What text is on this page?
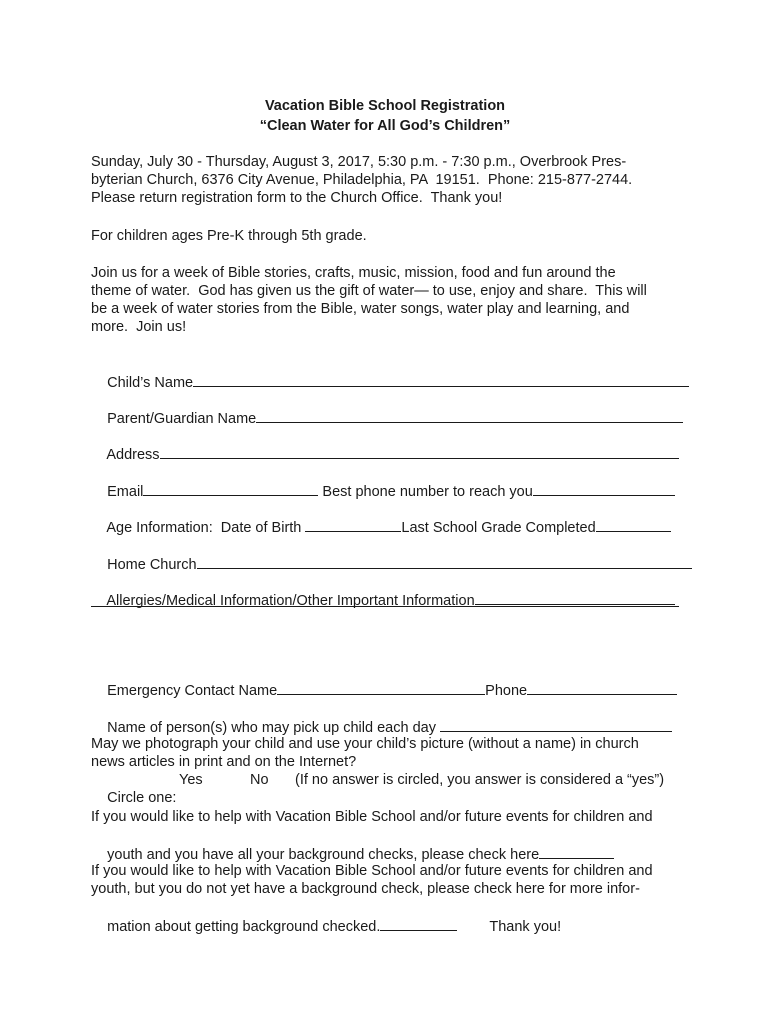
Vacation Bible School Registration
“Clean Water for All God’s Children”
Sunday, July 30 - Thursday, August 3, 2017, 5:30 p.m. - 7:30 p.m., Overbrook Pres-
byterian Church, 6376 City Avenue, Philadelphia, PA  19151.  Phone: 215-877-2744.
Please return registration form to the Church Office.  Thank you!
For children ages Pre-K through 5th grade.
Join us for a week of Bible stories, crafts, music, mission, food and fun around the
theme of water.  God has given us the gift of water— to use, enjoy and share.  This will
be a week of water stories from the Bible, water songs, water play and learning, and
more.  Join us!

Child’s Name

Parent/Guardian Name

Address

Email	Best phone number to reach you

Age Information:  Date of Birth	Last School Grade Completed

Home Church

Allergies/Medical Information/Other Important Information

Emergency Contact Name	Phone

Name of person(s) who may pick up child each day

May we photograph your child and use your child’s picture (without a name) in church
news articles in print and on the Internet?

Circle one:

Yes	No (If no answer is circled, you answer is considered a “yes”)
If you would like to help with Vacation Bible School and/or future events for children and

youth and you have all your background checks, please check here

If you would like to help with Vacation Bible School and/or future events for children and
youth, but you do not yet have a background check, please check here for more infor-

mation about getting background checked.	Thank you!
